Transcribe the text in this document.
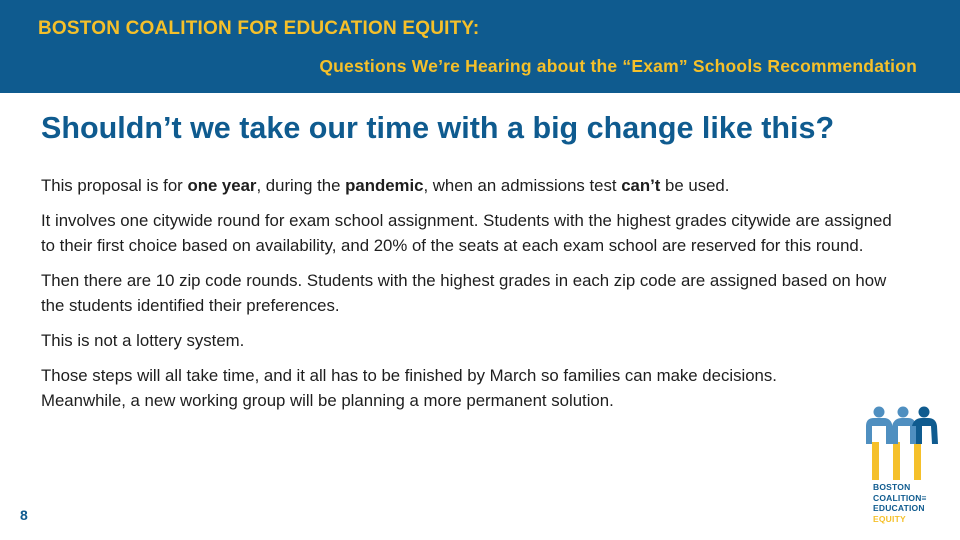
BOSTON COALITION FOR EDUCATION EQUITY:
Questions We’re Hearing about the “Exam” Schools Recommendation
Shouldn’t we take our time with a big change like this?

This proposal is for one year, during the pandemic, when an admissions test can’t be used.

It involves one citywide round for exam school assignment. Students with the highest grades citywide are assigned to their first choice based on availability, and 20% of the seats at each exam school are reserved for this round.

Then there are 10 zip code rounds. Students with the highest grades in each zip code are assigned based on how the students identified their preferences.

This is not a lottery system.

Those steps will all take time, and it all has to be finished by March so families can make decisions. Meanwhile, a new working group will be planning a more permanent solution.

8
BOSTON
COALITION≡
EDUCATION
EQUITY
